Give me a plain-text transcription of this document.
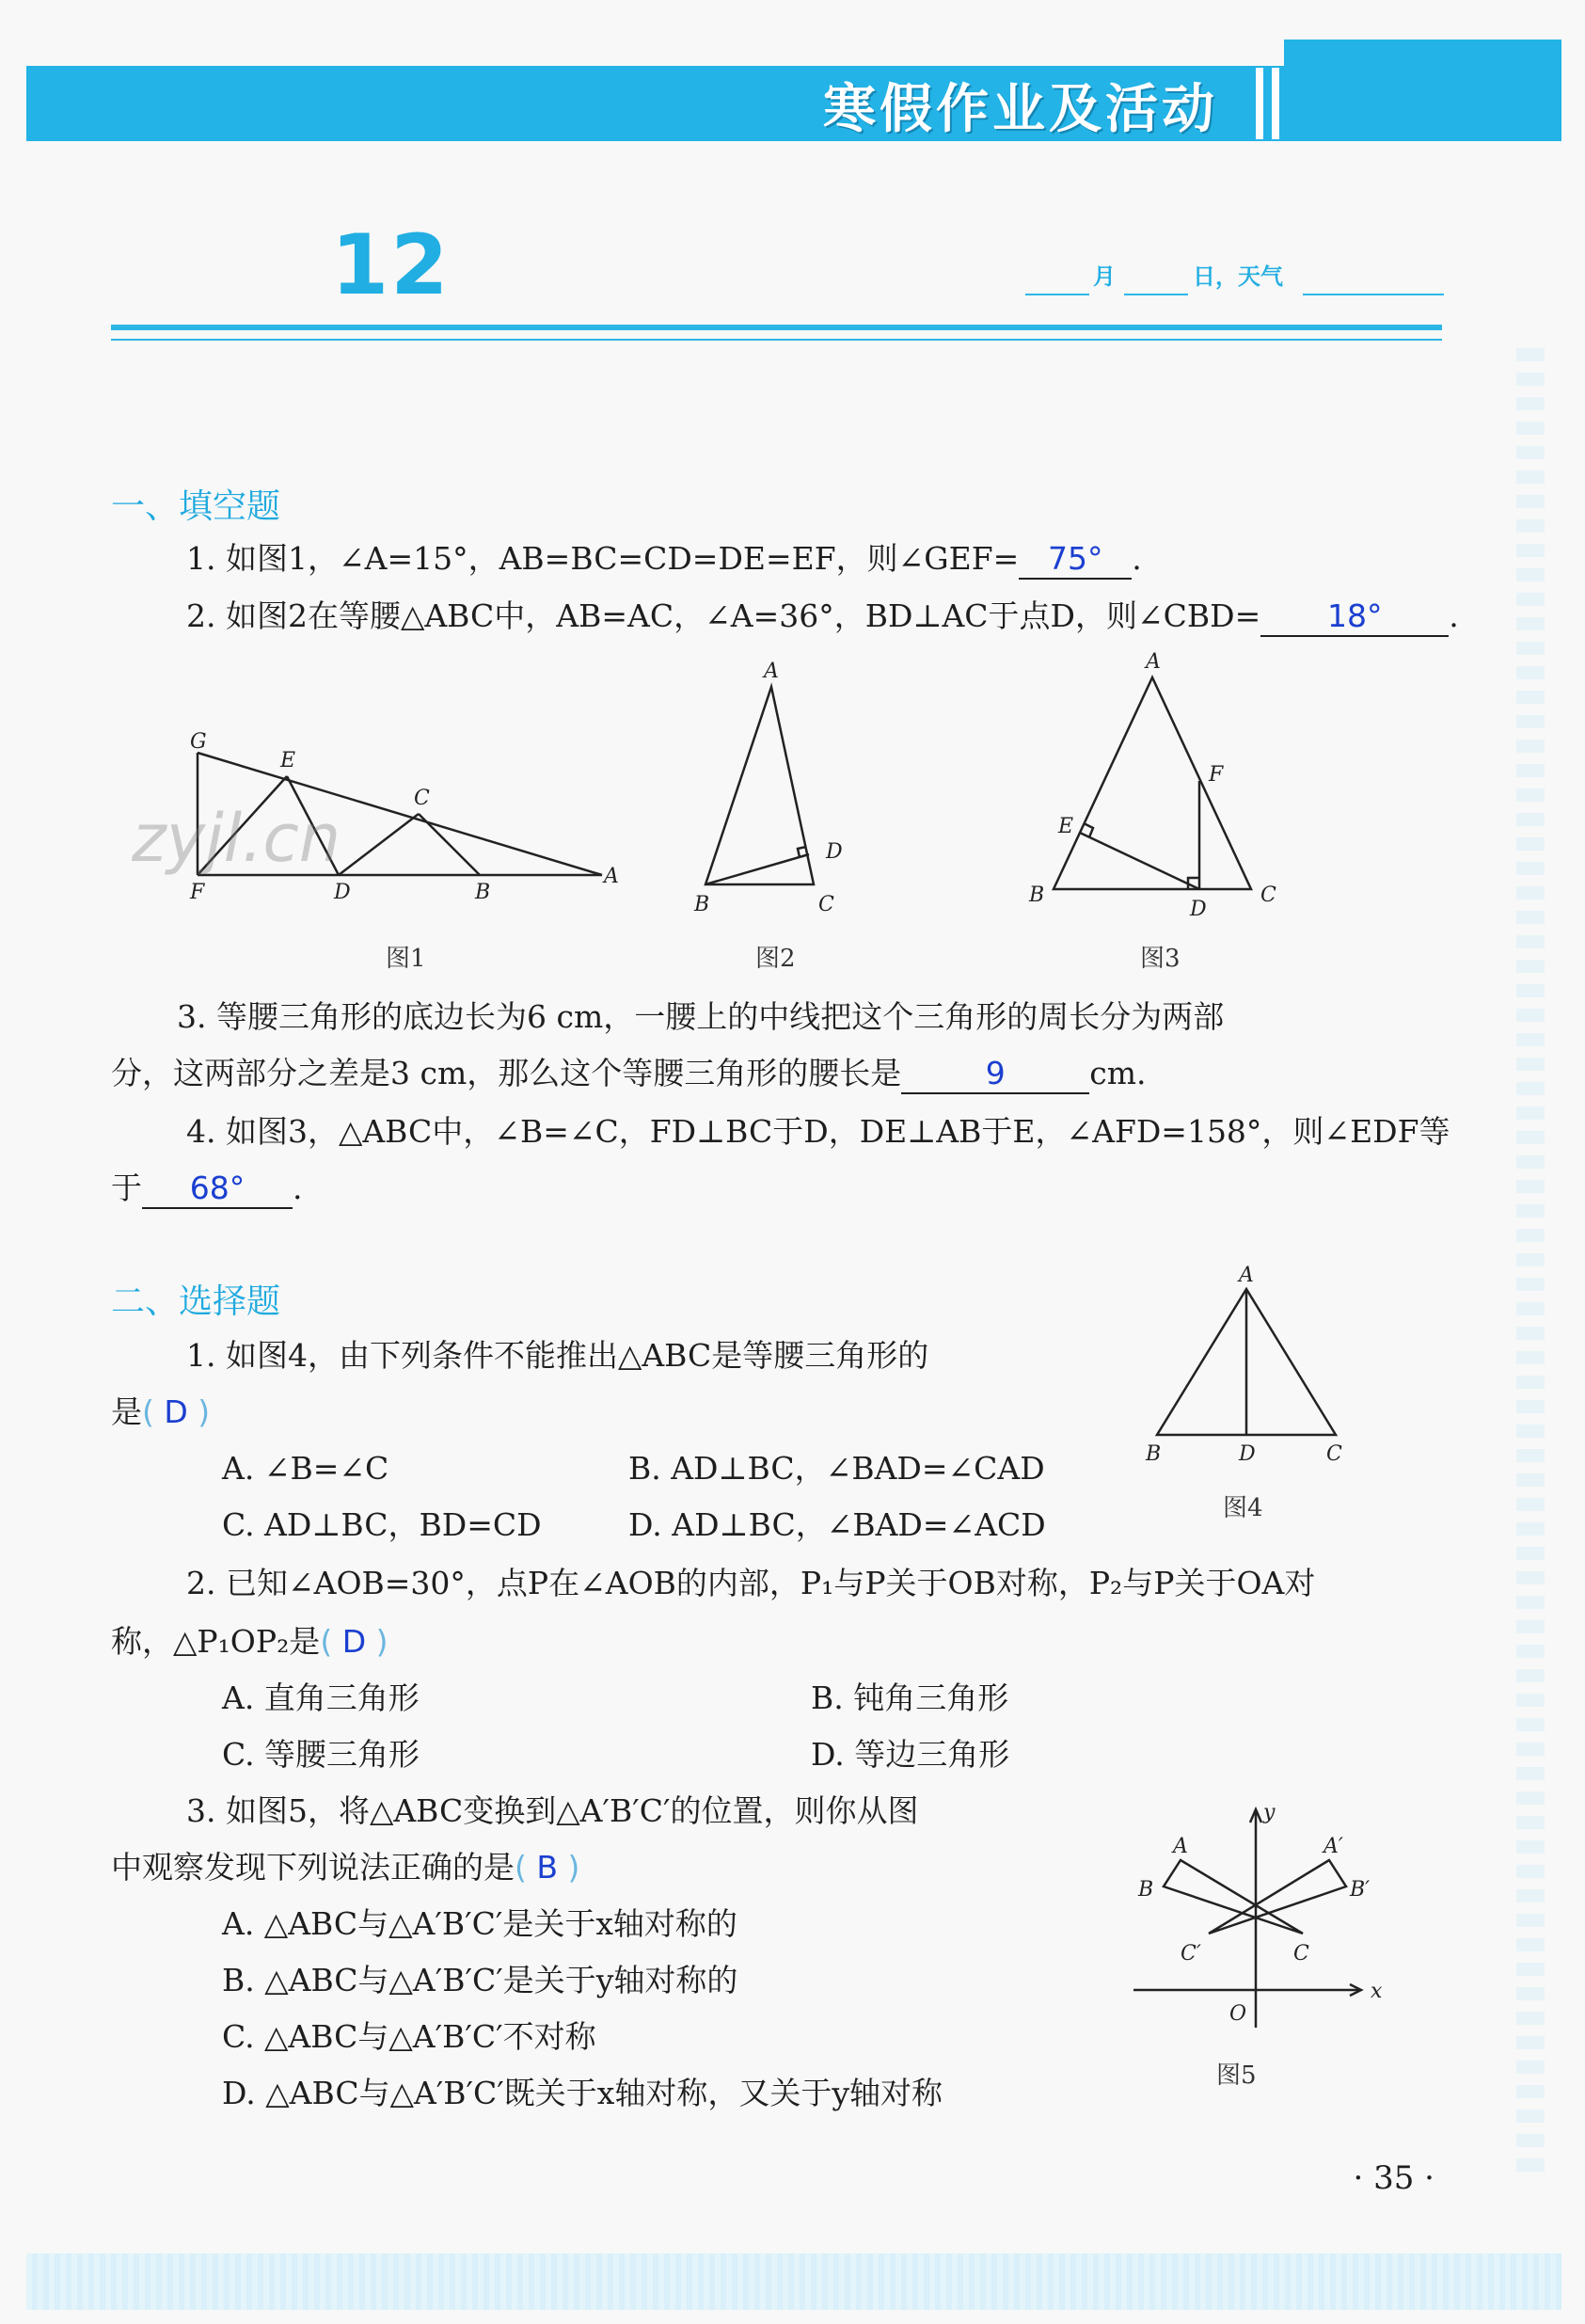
寒假作业及活动
12	月	日，天气
一、填空题
1. 如图1，∠A=15°，AB=BC=CD=DE=EF，则∠GEF= 75° .
2. 如图2在等腰△ABC中，AB=AC，∠A=36°，BD⊥AC于点D，则∠CBD= 18° .
G
E
C
F	D	B
A
zyjl.cn
图1
A
D
B	C
图2
A
F
E
B
D
C
图3
3. 等腰三角形的底边长为6 cm，一腰上的中线把这个三角形的周长分为两部
分，这两部分之差是3 cm，那么这个等腰三角形的腰长是	9	cm.
4. 如图3，△ABC中，∠B=∠C，FD⊥BC于D，DE⊥AB于E，∠AFD=158°，则∠EDF等
于 68° .
二、选择题
1. 如图4，由下列条件不能推出△ABC是等腰三角形的
是( D )
A. ∠B=∠C	B. AD⊥BC，∠BAD=∠CAD
C. AD⊥BC，BD=CD	D. AD⊥BC，∠BAD=∠ACD
A
B	D	C
图4
2. 已知∠AOB=30°，点P在∠AOB的内部，P₁与P关于OB对称，P₂与P关于OA对
称，△P₁OP₂是( D )
A. 直角三角形	B. 钝角三角形
C. 等腰三角形	D. 等边三角形
3. 如图5，将△ABC变换到△A′B′C′的位置，则你从图
中观察发现下列说法正确的是( B )
A. △ABC与△A′B′C′是关于x轴对称的
B. △ABC与△A′B′C′是关于y轴对称的
C. △ABC与△A′B′C′不对称
D. △ABC与△A′B′C′既关于x轴对称，又关于y轴对称
y
x
O
A	A′
B	B′
C
C′
图5
· 35 ·
